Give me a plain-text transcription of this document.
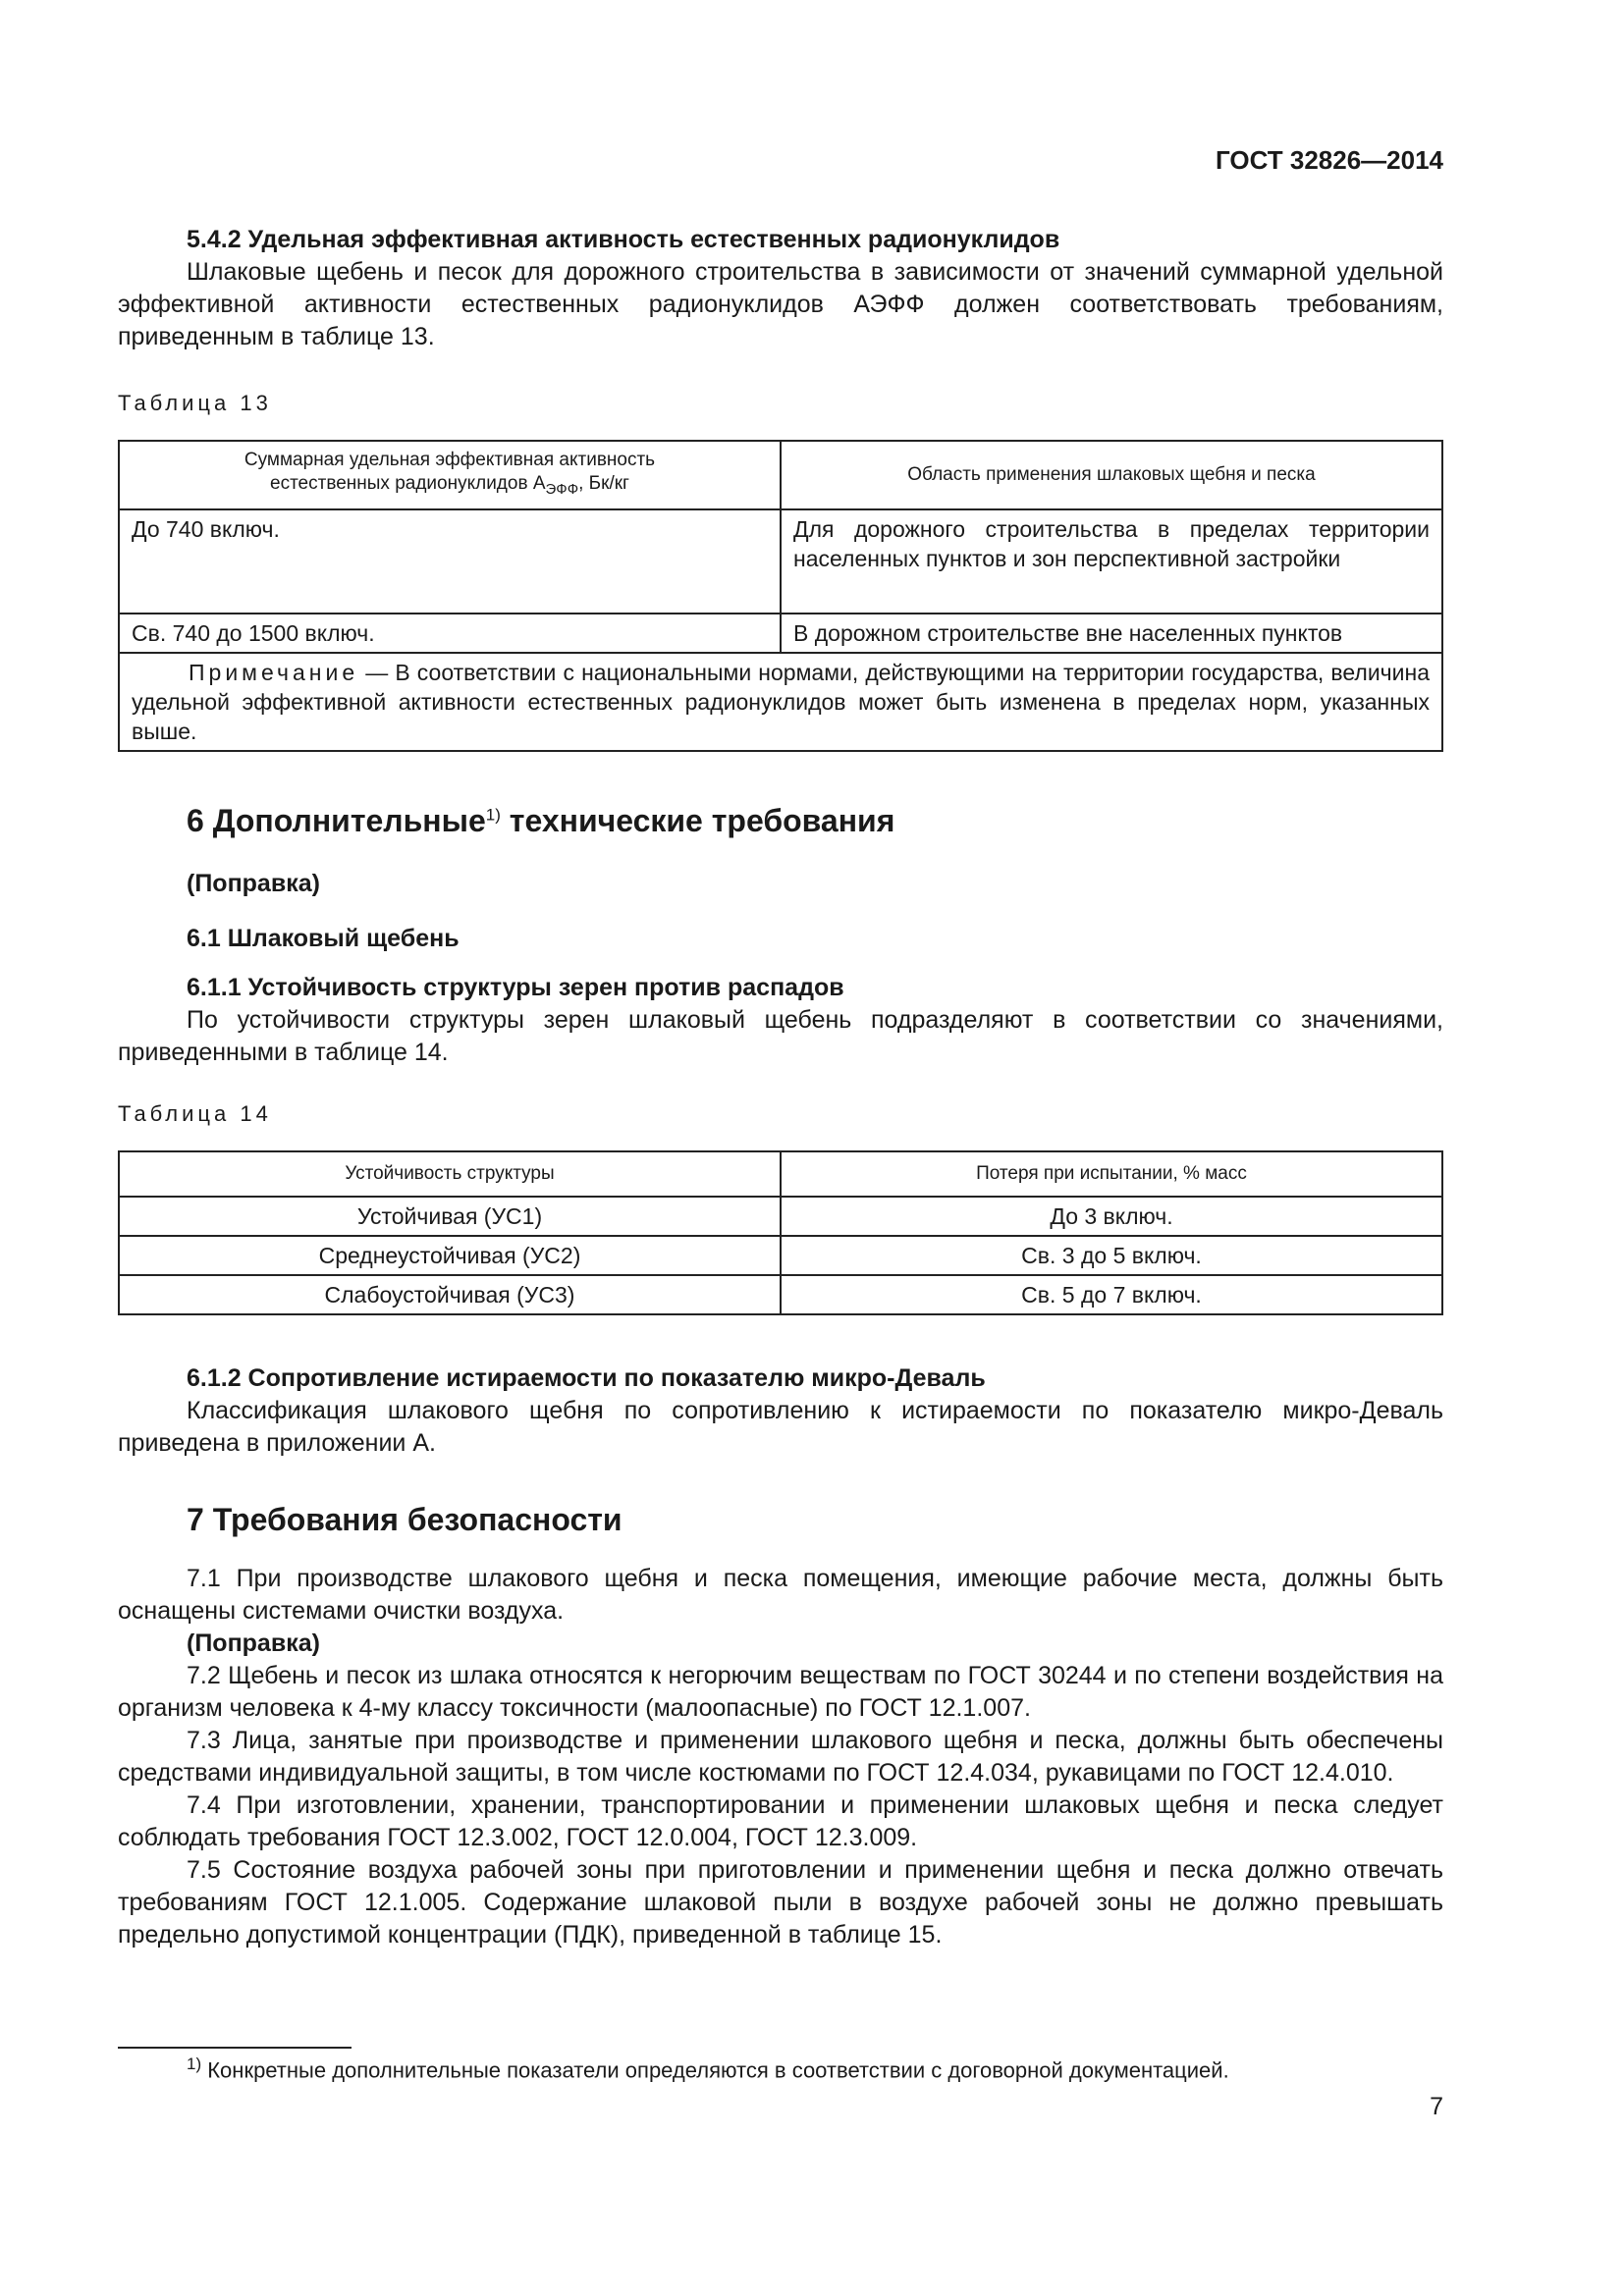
ГОСТ 32826—2014

5.4.2 Удельная эффективная активность естественных радионуклидов

Шлаковые щебень и песок для дорожного строительства в зависимости от значений суммарной удельной эффективной активности естественных радионуклидов АЭФФ должен соответствовать требованиям, приведенным в таблице 13.

Таблица 13

Суммарная удельная эффективная активность
естественных радионуклидов $А_{ЭФФ}$, Бк/кг	Область применения шлаковых щебня и песка
До 740 включ.	Для дорожного строительства в пределах территории населенных пунктов и зон перспективной застройки
Св. 740 до 1500 включ.	В дорожном строительстве вне населенных пунктов
Примечание — В соответствии с национальными нормами, действующими на территории государства, величина удельной эффективной активности естественных радионуклидов может быть изменена в пределах норм, указанных выше.	

6 Дополнительные$^{1)}$ технические требования

(Поправка)

6.1 Шлаковый щебень

6.1.1 Устойчивость структуры зерен против распадов

По устойчивости структуры зерен шлаковый щебень подразделяют в соответствии со значениями, приведенными в таблице 14.

Таблица 14

Устойчивость структуры	Потеря при испытании, % масс
Устойчивая (УС1)	До 3 включ.
Среднеустойчивая (УС2)	Св. 3 до 5 включ.
Слабоустойчивая (УС3)	Св. 5 до 7 включ.

6.1.2 Сопротивление истираемости по показателю микро-Деваль

Классификация шлакового щебня по сопротивлению к истираемости по показателю микро-Деваль приведена в приложении А.

7 Требования безопасности

7.1 При производстве шлакового щебня и песка помещения, имеющие рабочие места, должны быть оснащены системами очистки воздуха.

(Поправка)

7.2 Щебень и песок из шлака относятся к негорючим веществам по ГОСТ 30244 и по степени воздействия на организм человека к 4-му классу токсичности (малоопасные) по ГОСТ 12.1.007.

7.3 Лица, занятые при производстве и применении шлакового щебня и песка, должны быть обеспечены средствами индивидуальной защиты, в том числе костюмами по ГОСТ 12.4.034, рукавицами по ГОСТ 12.4.010.

7.4 При изготовлении, хранении, транспортировании и применении шлаковых щебня и песка следует соблюдать требования ГОСТ 12.3.002, ГОСТ 12.0.004, ГОСТ 12.3.009.

7.5 Состояние воздуха рабочей зоны при приготовлении и применении щебня и песка должно отвечать требованиям ГОСТ 12.1.005. Содержание шлаковой пыли в воздухе рабочей зоны не должно превышать предельно допустимой концентрации (ПДК), приведенной в таблице 15.

$^{1)}$ Конкретные дополнительные показатели определяются в соответствии с договорной документацией.
7
